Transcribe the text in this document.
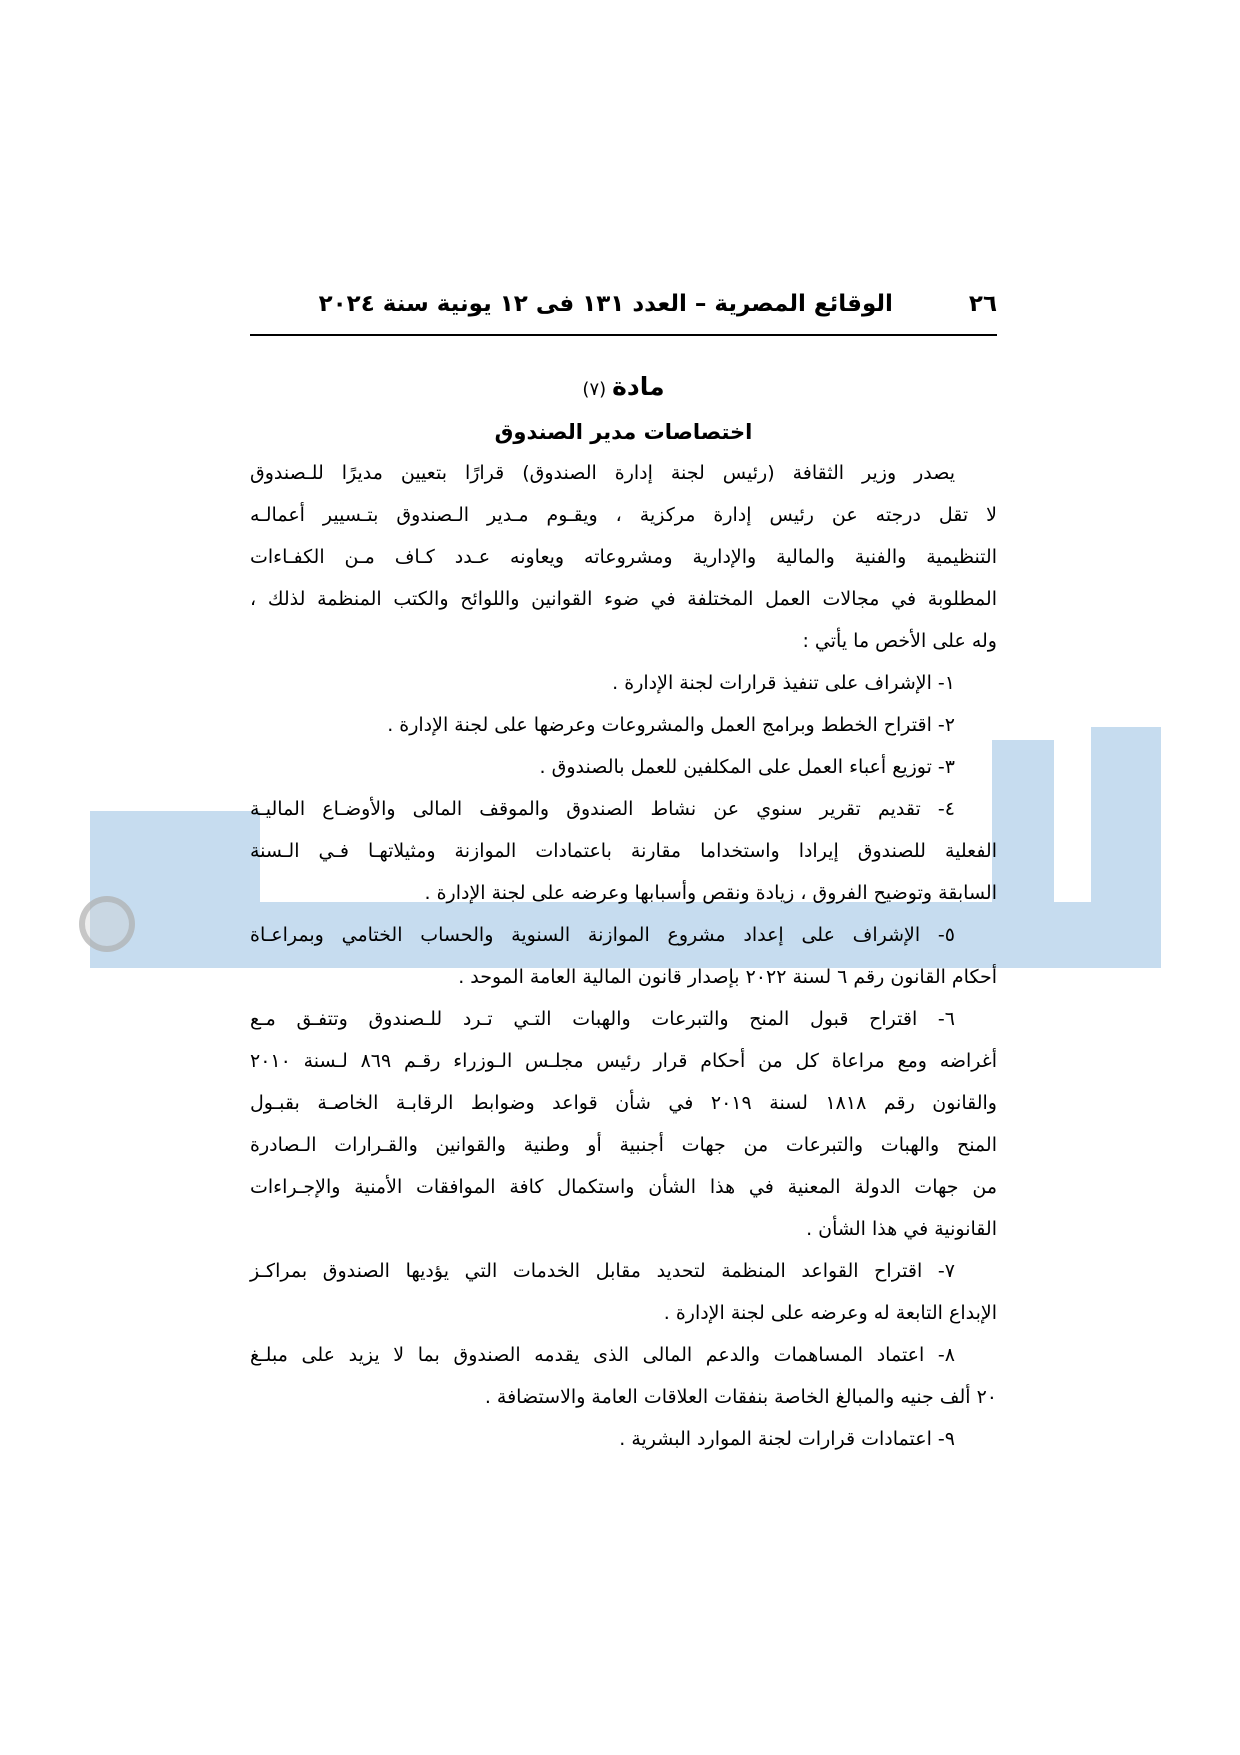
٢٦
الوقائع المصرية – العدد ١٣١ فى ١٢ يونية سنة ٢٠٢٤
مادة
(٧)
اختصاصات مدير الصندوق
يصدر وزير الثقافة (رئيس لجنة إدارة الصندوق) قرارًا بتعيين مديرًا للـصندوق
لا تقل درجته عن رئيس إدارة مركزية ، ويقـوم مـدير الـصندوق بتـسيير أعمالـه
التنظيمية والفنية والمالية والإدارية ومشروعاته ويعاونه عـدد كـاف مـن الكفـاءات
المطلوبة في مجالات العمل المختلفة في ضوء القوانين واللوائح والكتب المنظمة لذلك ،
وله على الأخص ما يأتي :
١- الإشراف على تنفيذ قرارات لجنة الإدارة .
٢- اقتراح الخطط وبرامج العمل والمشروعات وعرضها على لجنة الإدارة .
٣- توزيع أعباء العمل على المكلفين للعمل بالصندوق .
٤- تقديم تقرير سنوي عن نشاط الصندوق والموقف المالى والأوضـاع الماليـة
الفعلية للصندوق إيرادا واستخداما مقارنة باعتمادات الموازنة ومثيلاتهـا فـي الـسنة
السابقة وتوضيح الفروق ، زيادة ونقص وأسبابها وعرضه على لجنة الإدارة .
٥- الإشراف على إعداد مشروع الموازنة السنوية والحساب الختامي وبمراعـاة
أحكام القانون رقم ٦ لسنة ٢٠٢٢ بإصدار قانون المالية العامة الموحد .
٦- اقتراح قبول المنح والتبرعات والهبات التـي تـرد للـصندوق وتتفـق مـع
أغراضه ومع مراعاة كل من أحكام قرار رئيس مجلـس الـوزراء رقـم ٨٦٩ لـسنة ٢٠١٠
والقانون رقم ١٨١٨ لسنة ٢٠١٩ في شأن قواعد وضوابط الرقابـة الخاصـة بقبـول
المنح والهبات والتبرعات من جهات أجنبية أو وطنية والقوانين والقـرارات الـصادرة
من جهات الدولة المعنية في هذا الشأن واستكمال كافة الموافقات الأمنية والإجـراءات
القانونية في هذا الشأن .
٧- اقتراح القواعد المنظمة لتحديد مقابل الخدمات التي يؤديها الصندوق بمراكـز
الإبداع التابعة له وعرضه على لجنة الإدارة .
٨- اعتماد المساهمات والدعم المالى الذى يقدمه الصندوق بما لا يزيد على مبلـغ
٢٠ ألف جنيه والمبالغ الخاصة بنفقات العلاقات العامة والاستضافة .
٩- اعتمادات قرارات لجنة الموارد البشرية .
